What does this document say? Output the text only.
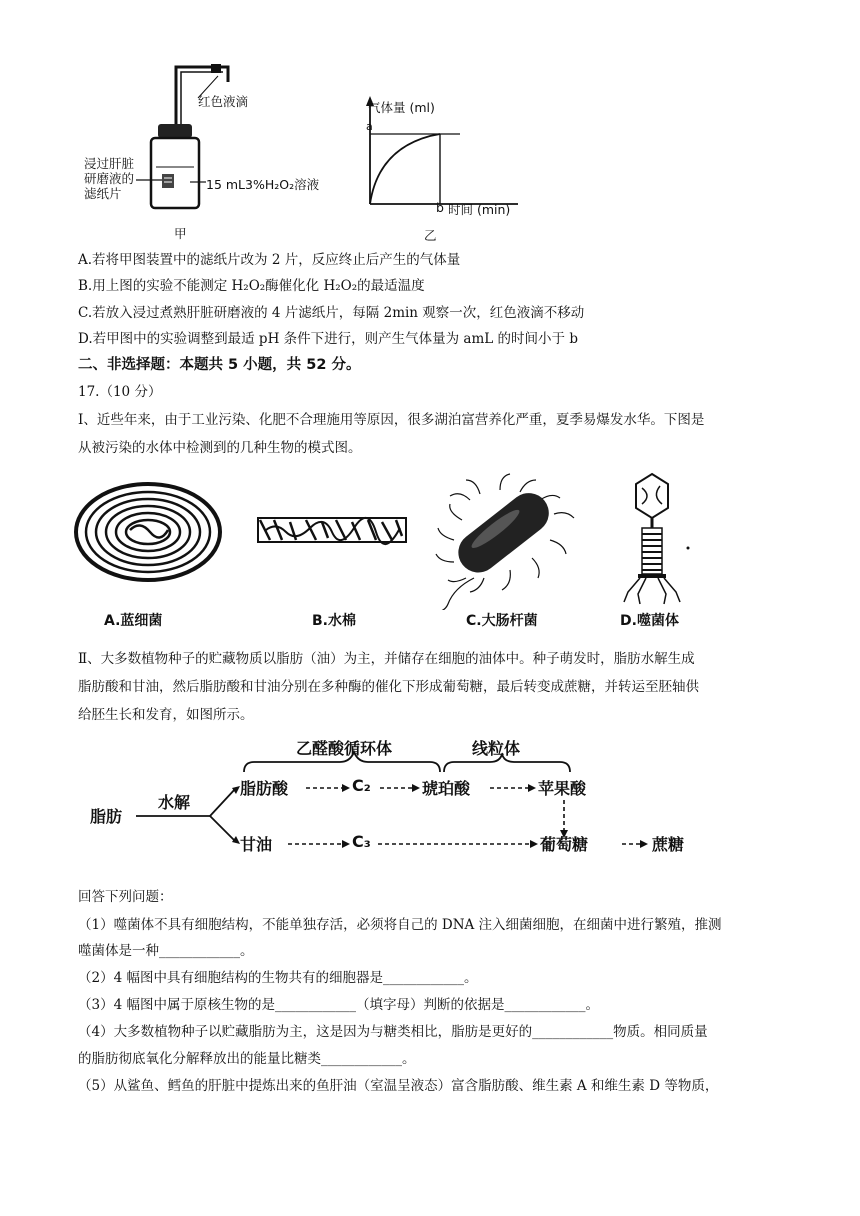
红色液滴
浸过肝脏
研磨液的
滤纸片
15 mL3%H₂O₂溶液
甲
气体量 (ml)
a
b 时间 (min)
乙
A.若将甲图装置中的滤纸片改为 2 片，反应终止后产生的气体量
B.用上图的实验不能测定 H₂O₂酶催化化 H₂O₂的最适温度
C.若放入浸过煮熟肝脏研磨液的 4 片滤纸片，每隔 2min 观察一次，红色液滴不移动
D.若甲图中的实验调整到最适 pH 条件下进行，则产生气体量为 amL 的时间小于 b
二、非选择题：本题共 5 小题，共 52 分。
17.（10 分）
I、近些年来，由于工业污染、化肥不合理施用等原因，很多湖泊富营养化严重，夏季易爆发水华。下图是
从被污染的水体中检测到的几种生物的模式图。
A.蓝细菌	B.水棉	C.大肠杆菌	D.噬菌体
Ⅱ、大多数植物种子的贮藏物质以脂肪（油）为主，并储存在细胞的油体中。种子萌发时，脂肪水解生成
脂肪酸和甘油，然后脂肪酸和甘油分别在多种酶的催化下形成葡萄糖，最后转变成蔗糖，并转运至胚轴供
给胚生长和发育，如图所示。
乙醛酸循环体	线粒体
脂肪
水解
脂肪酸	C₂	琥珀酸	苹果酸
甘油	C₃	葡萄糖	蔗糖
回答下列问题：
（1）噬菌体不具有细胞结构，不能单独存活，必须将自己的 DNA 注入细菌细胞，在细菌中进行繁殖，推测
噬菌体是一种____________。
（2）4 幅图中具有细胞结构的生物共有的细胞器是____________。
（3）4 幅图中属于原核生物的是____________（填字母）判断的依据是____________。
（4）大多数植物种子以贮藏脂肪为主，这是因为与糖类相比，脂肪是更好的____________物质。相同质量
的脂肪彻底氧化分解释放出的能量比糖类____________。
（5）从鲨鱼、鳕鱼的肝脏中提炼出来的鱼肝油（室温呈液态）富含脂肪酸、维生素 A 和维生素 D 等物质，
